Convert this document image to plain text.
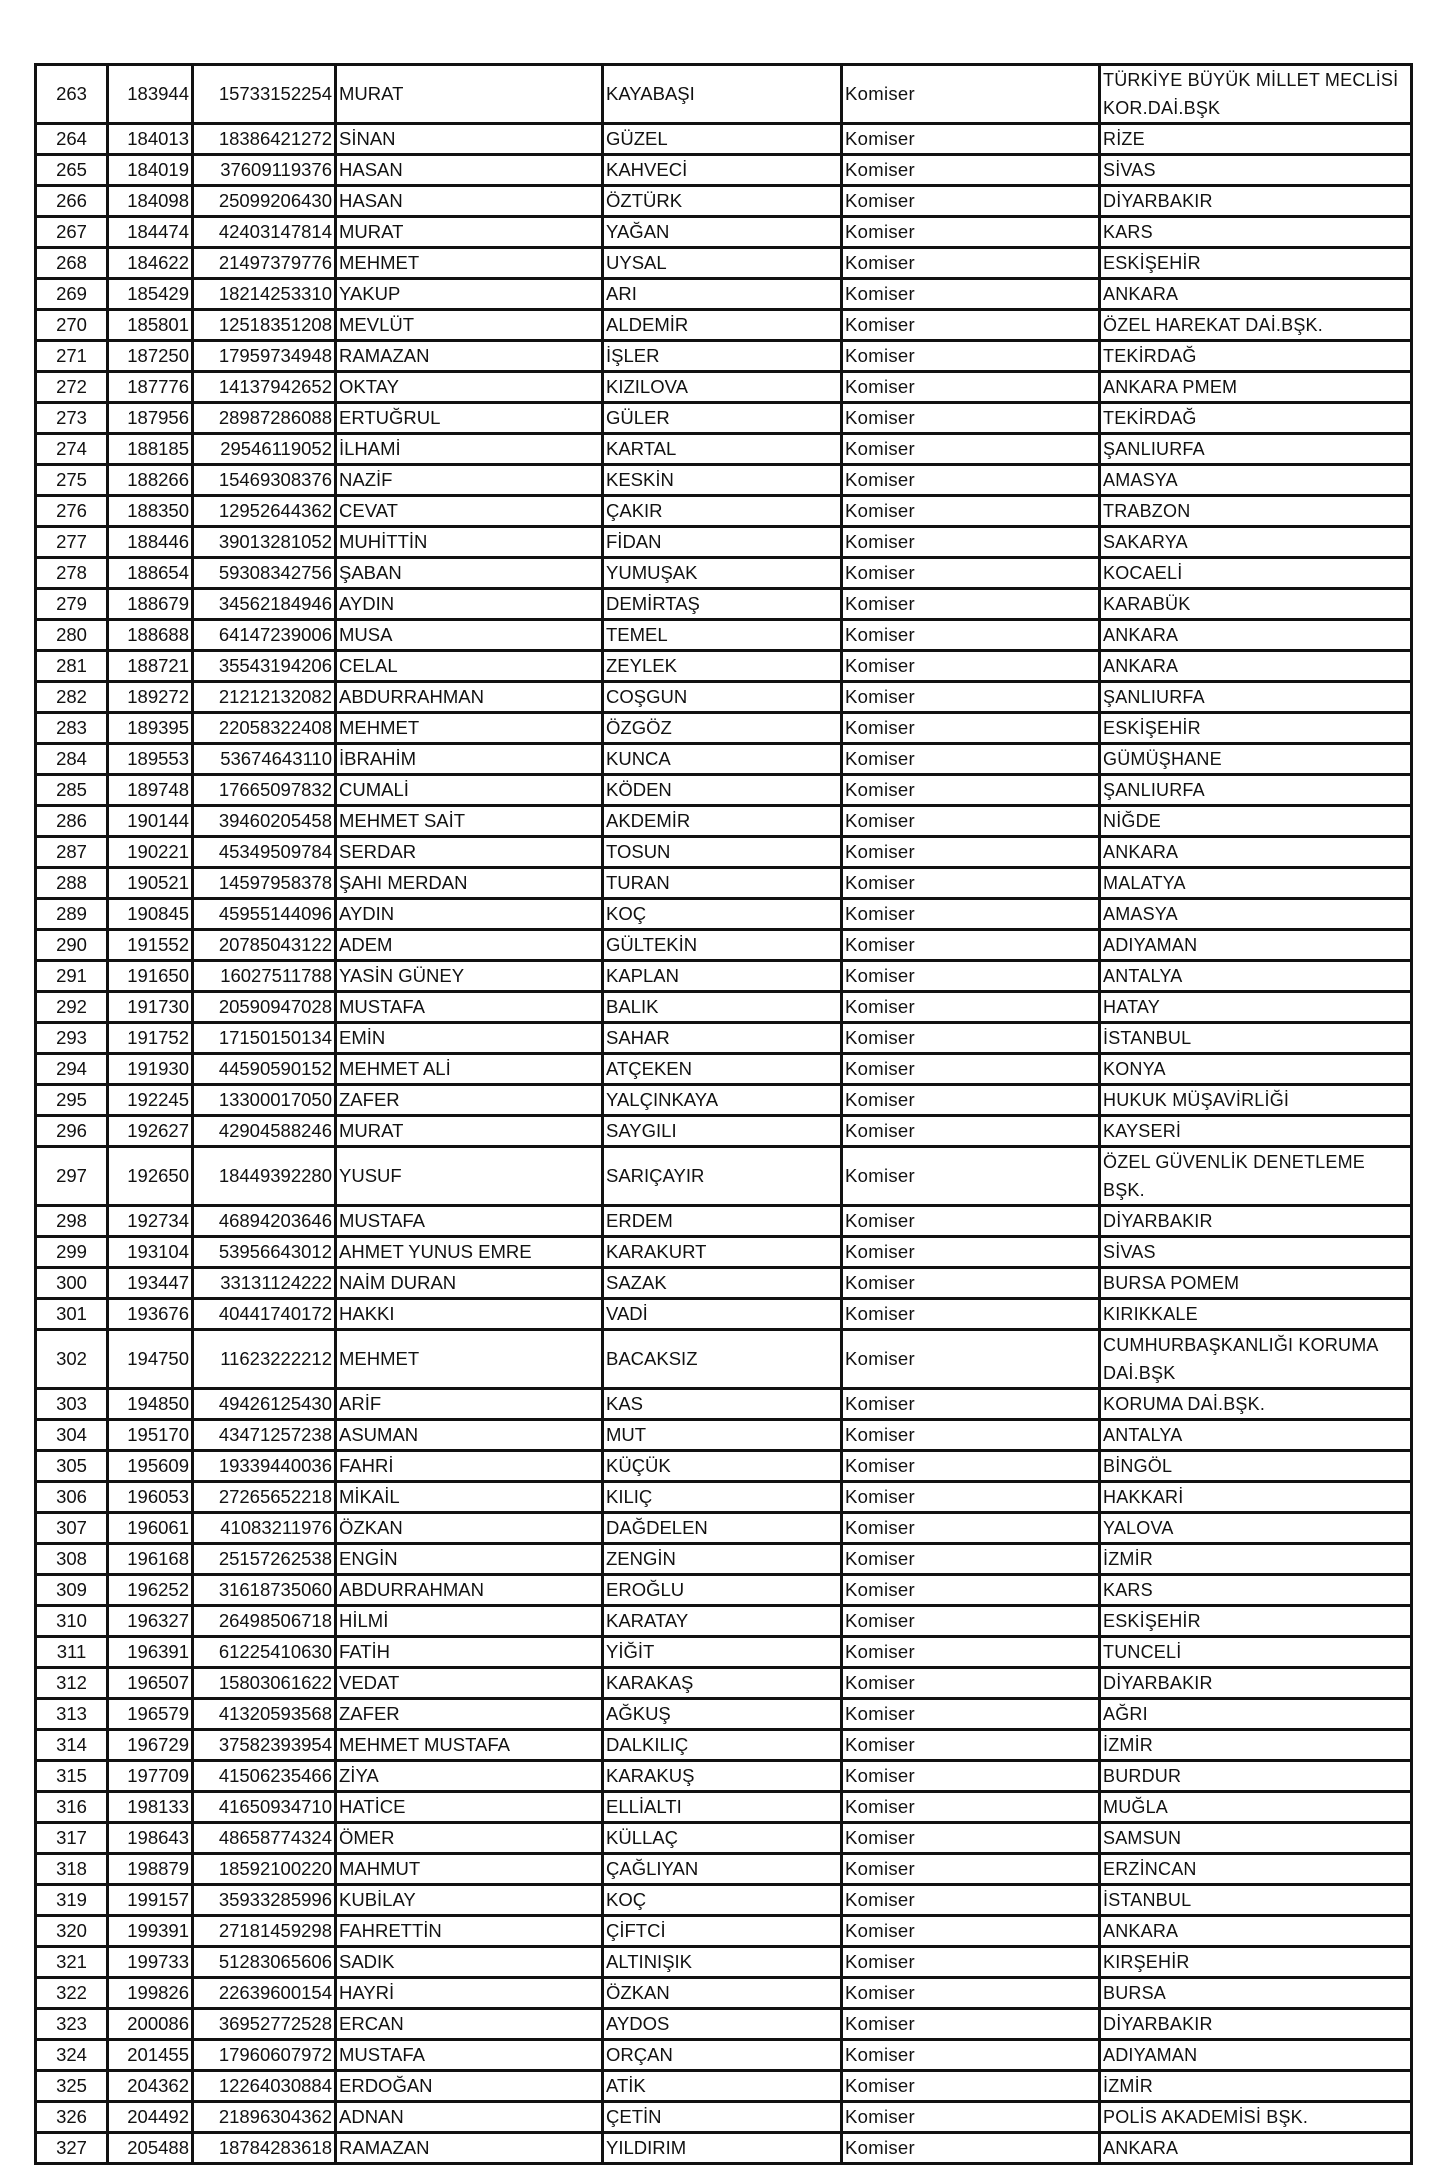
263	183944	15733152254	MURAT	KAYABAŞI	Komiser	TÜRKİYE BÜYÜK MİLLET MECLİSİ KOR.DAİ.BŞK
264	184013	18386421272	SİNAN	GÜZEL	Komiser	RİZE
265	184019	37609119376	HASAN	KAHVECİ	Komiser	SİVAS
266	184098	25099206430	HASAN	ÖZTÜRK	Komiser	DİYARBAKIR
267	184474	42403147814	MURAT	YAĞAN	Komiser	KARS
268	184622	21497379776	MEHMET	UYSAL	Komiser	ESKİŞEHİR
269	185429	18214253310	YAKUP	ARI	Komiser	ANKARA
270	185801	12518351208	MEVLÜT	ALDEMİR	Komiser	ÖZEL HAREKAT DAİ.BŞK.
271	187250	17959734948	RAMAZAN	İŞLER	Komiser	TEKİRDAĞ
272	187776	14137942652	OKTAY	KIZILOVA	Komiser	ANKARA PMEM
273	187956	28987286088	ERTUĞRUL	GÜLER	Komiser	TEKİRDAĞ
274	188185	29546119052	İLHAMİ	KARTAL	Komiser	ŞANLIURFA
275	188266	15469308376	NAZİF	KESKİN	Komiser	AMASYA
276	188350	12952644362	CEVAT	ÇAKIR	Komiser	TRABZON
277	188446	39013281052	MUHİTTİN	FİDAN	Komiser	SAKARYA
278	188654	59308342756	ŞABAN	YUMUŞAK	Komiser	KOCAELİ
279	188679	34562184946	AYDIN	DEMİRTAŞ	Komiser	KARABÜK
280	188688	64147239006	MUSA	TEMEL	Komiser	ANKARA
281	188721	35543194206	CELAL	ZEYLEK	Komiser	ANKARA
282	189272	21212132082	ABDURRAHMAN	COŞGUN	Komiser	ŞANLIURFA
283	189395	22058322408	MEHMET	ÖZGÖZ	Komiser	ESKİŞEHİR
284	189553	53674643110	İBRAHİM	KUNCA	Komiser	GÜMÜŞHANE
285	189748	17665097832	CUMALİ	KÖDEN	Komiser	ŞANLIURFA
286	190144	39460205458	MEHMET SAİT	AKDEMİR	Komiser	NİĞDE
287	190221	45349509784	SERDAR	TOSUN	Komiser	ANKARA
288	190521	14597958378	ŞAHI MERDAN	TURAN	Komiser	MALATYA
289	190845	45955144096	AYDIN	KOÇ	Komiser	AMASYA
290	191552	20785043122	ADEM	GÜLTEKİN	Komiser	ADIYAMAN
291	191650	16027511788	YASİN GÜNEY	KAPLAN	Komiser	ANTALYA
292	191730	20590947028	MUSTAFA	BALIK	Komiser	HATAY
293	191752	17150150134	EMİN	SAHAR	Komiser	İSTANBUL
294	191930	44590590152	MEHMET ALİ	ATÇEKEN	Komiser	KONYA
295	192245	13300017050	ZAFER	YALÇINKAYA	Komiser	HUKUK MÜŞAVİRLİĞİ
296	192627	42904588246	MURAT	SAYGILI	Komiser	KAYSERİ
297	192650	18449392280	YUSUF	SARIÇAYIR	Komiser	ÖZEL GÜVENLİK DENETLEME BŞK.
298	192734	46894203646	MUSTAFA	ERDEM	Komiser	DİYARBAKIR
299	193104	53956643012	AHMET YUNUS EMRE	KARAKURT	Komiser	SİVAS
300	193447	33131124222	NAİM DURAN	SAZAK	Komiser	BURSA POMEM
301	193676	40441740172	HAKKI	VADİ	Komiser	KIRIKKALE
302	194750	11623222212	MEHMET	BACAKSIZ	Komiser	CUMHURBAŞKANLIĞI KORUMA DAİ.BŞK
303	194850	49426125430	ARİF	KAS	Komiser	KORUMA DAİ.BŞK.
304	195170	43471257238	ASUMAN	MUT	Komiser	ANTALYA
305	195609	19339440036	FAHRİ	KÜÇÜK	Komiser	BİNGÖL
306	196053	27265652218	MİKAİL	KILIÇ	Komiser	HAKKARİ
307	196061	41083211976	ÖZKAN	DAĞDELEN	Komiser	YALOVA
308	196168	25157262538	ENGİN	ZENGİN	Komiser	İZMİR
309	196252	31618735060	ABDURRAHMAN	EROĞLU	Komiser	KARS
310	196327	26498506718	HİLMİ	KARATAY	Komiser	ESKİŞEHİR
311	196391	61225410630	FATİH	YİĞİT	Komiser	TUNCELİ
312	196507	15803061622	VEDAT	KARAKAŞ	Komiser	DİYARBAKIR
313	196579	41320593568	ZAFER	AĞKUŞ	Komiser	AĞRI
314	196729	37582393954	MEHMET MUSTAFA	DALKILIÇ	Komiser	İZMİR
315	197709	41506235466	ZİYA	KARAKUŞ	Komiser	BURDUR
316	198133	41650934710	HATİCE	ELLİALTI	Komiser	MUĞLA
317	198643	48658774324	ÖMER	KÜLLAÇ	Komiser	SAMSUN
318	198879	18592100220	MAHMUT	ÇAĞLIYAN	Komiser	ERZİNCAN
319	199157	35933285996	KUBİLAY	KOÇ	Komiser	İSTANBUL
320	199391	27181459298	FAHRETTİN	ÇİFTCİ	Komiser	ANKARA
321	199733	51283065606	SADIK	ALTINIŞIK	Komiser	KIRŞEHİR
322	199826	22639600154	HAYRİ	ÖZKAN	Komiser	BURSA
323	200086	36952772528	ERCAN	AYDOS	Komiser	DİYARBAKIR
324	201455	17960607972	MUSTAFA	ORÇAN	Komiser	ADIYAMAN
325	204362	12264030884	ERDOĞAN	ATİK	Komiser	İZMİR
326	204492	21896304362	ADNAN	ÇETİN	Komiser	POLİS AKADEMİSİ BŞK.
327	205488	18784283618	RAMAZAN	YILDIRIM	Komiser	ANKARA
